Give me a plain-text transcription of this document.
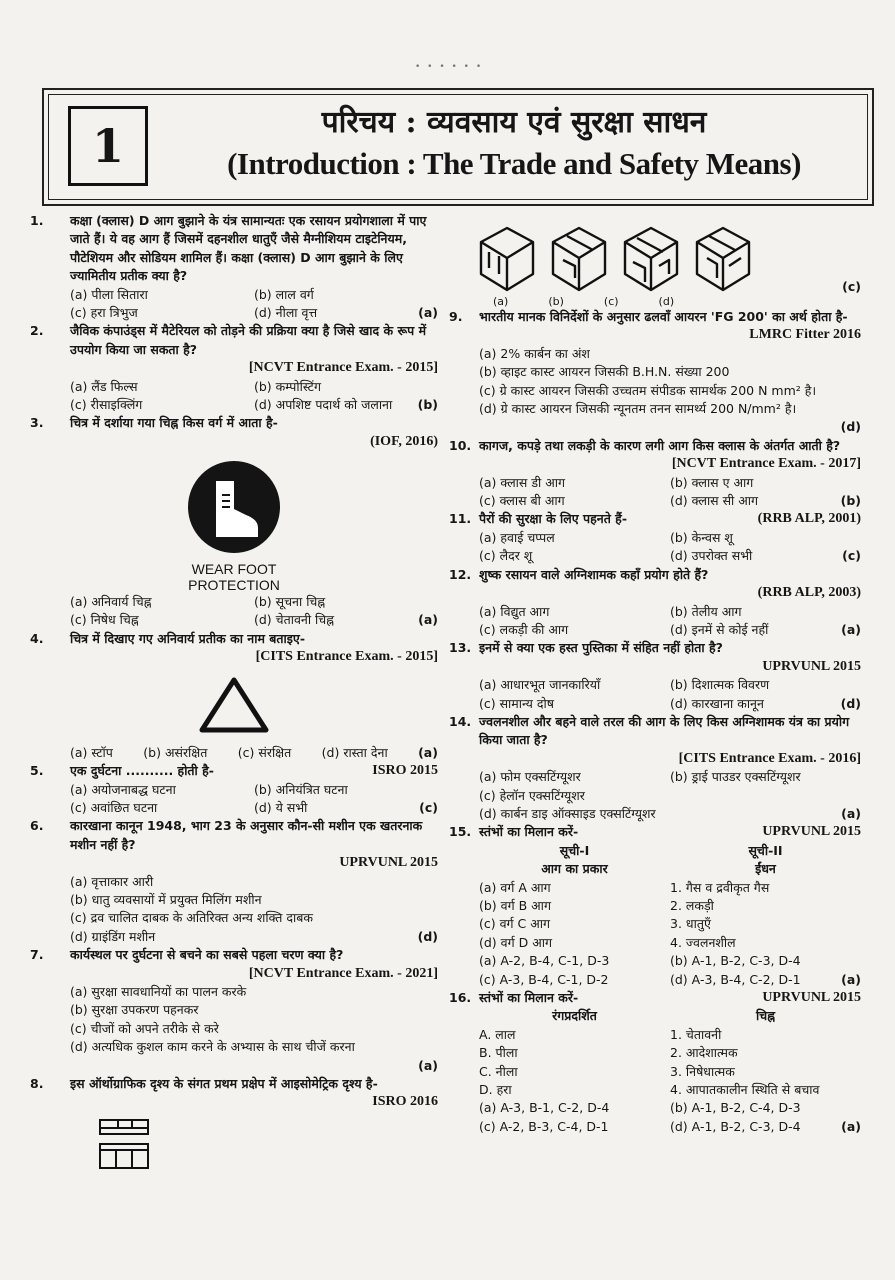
• • • • • •
1	परिचय : व्यवसाय एवं सुरक्षा साधन
(Introduction : The Trade and Safety Means)
1.	कक्षा (क्लास) D आग बुझाने के यंत्र सामान्यतः एक रसायन प्रयोगशाला में पाए जाते हैं। ये वह आग हैं जिसमें दहनशील धातुएँ जैसे मैग्नीशियम टाइटेनियम, पौटेशियम और सोडियम शामिल हैं। कक्षा (क्लास) D आग बुझाने के लिए ज्यामितीय प्रतीक क्या है?
(a) पीला सितारा	(b) लाल वर्ग
(c) हरा त्रिभुज	(d) नीला वृत्त	(a)
2.	जैविक कंपाउंड्स में मैटेरियल को तोड़ने की प्रक्रिया क्या है जिसे खाद के रूप में उपयोग किया जा सकता है?
[NCVT Entrance Exam. - 2015]
(a) लैंड फिल्स	(b) कम्पोस्टिंग
(c) रीसाइक्लिंग	(d) अपशिष्ट पदार्थ को जलाना (b)
3.	चित्र में दर्शाया गया चिह्न किस वर्ग में आता है-
(IOF, 2016)
WEAR FOOT
PROTECTION
(a) अनिवार्य चिह्न	(b) सूचना चिह्न
(c) निषेध चिह्न	(d) चेतावनी चिह्न	(a)
4.	चित्र में दिखाए गए अनिवार्य प्रतीक का नाम बताइए-
[CITS Entrance Exam. - 2015]
(a) स्टॉप (b) असंरक्षित (c) संरक्षित (d) रास्ता देना (a)
5.	एक दुर्घटना .......... होती है-	ISRO 2015
(a) अयोजनाबद्ध घटना	(b) अनियंत्रित घटना
(c) अवांछित घटना	(d) ये सभी	(c)
6.	कारखाना कानून 1948, भाग 23 के अनुसार कौन-सी मशीन एक खतरनाक मशीन नहीं है?
UPRVUNL 2015
(a) वृत्ताकार आरी
(b) धातु व्यवसायों में प्रयुक्त मिलिंग मशीन
(c) द्रव चालित दाबक के अतिरिक्त अन्य शक्ति दाबक
(d) ग्राइंडिंग मशीन	(d)
7.	कार्यस्थल पर दुर्घटना से बचने का सबसे पहला चरण क्या है?
[NCVT Entrance Exam. - 2021]
(a) सुरक्षा सावधानियों का पालन करके
(b) सुरक्षा उपकरण पहनकर
(c) चीजों को अपने तरीके से करे
(d) अत्यधिक कुशल काम करने के अभ्यास के साथ चीजें करना
(a)
8.	इस ऑर्थोग्राफिक दृश्य के संगत प्रथम प्रक्षेप में आइसोमेट्रिक दृश्य है-
ISRO 2016
(c)
(a)	(b)	(c)	(d)
9.	भारतीय मानक विनिर्देशों के अनुसार ढलवाँ आयरन 'FG 200' का अर्थ होता है-
LMRC Fitter 2016
(a) 2% कार्बन का अंश
(b) व्हाइट कास्ट आयरन जिसकी B.H.N. संख्या 200
(c) ग्रे कास्ट आयरन जिसकी उच्चतम संपीडक सामर्थक 200 N mm² है।
(d) ग्रे कास्ट आयरन जिसकी न्यूनतम तनन सामर्थ्य 200 N/mm² है।
(d)
10. कागज, कपड़े तथा लकड़ी के कारण लगी आग किस क्लास के अंतर्गत आती है?
[NCVT Entrance Exam. - 2017]
(a) क्लास डी आग	(b) क्लास ए आग
(c) क्लास बी आग	(d) क्लास सी आग	(b)
11. पैरों की सुरक्षा के लिए पहनते हैं-	(RRB ALP, 2001)
(a) हवाई चप्पल	(b) केन्वस शू
(c) लैदर शू	(d) उपरोक्त सभी	(c)
12. शुष्क रसायन वाले अग्निशामक कहाँ प्रयोग होते हैं?
(RRB ALP, 2003)
(a) विद्युत आग	(b) तेलीय आग
(c) लकड़ी की आग	(d) इनमें से कोई नहीं	(a)
13. इनमें से क्या एक हस्त पुस्तिका में संहित नहीं होता है?
UPRVUNL 2015
(a) आधारभूत जानकारियाँ	(b) दिशात्मक विवरण
(c) सामान्य दोष	(d) कारखाना कानून	(d)
14. ज्वलनशील और बहने वाले तरल की आग के लिए किस अग्निशामक यंत्र का प्रयोग किया जाता है?
[CITS Entrance Exam. - 2016]
(a) फोम एक्सटिंग्यूशर	(b) ड्राई पाउडर एक्सटिंग्यूशर
(c) हेलॉन एक्सटिंग्यूशर
(d) कार्बन डाइ ऑक्साइड एक्सटिंग्यूशर	(a)
15. स्तंभों का मिलान करें-	UPRVUNL 2015
सूची-I	सूची-II
आग का प्रकार	ईंधन
(a) वर्ग A आग	1. गैस व द्रवीकृत गैस
(b) वर्ग B आग	2. लकड़ी
(c) वर्ग C आग	3. धातुएँ
(d) वर्ग D आग	4. ज्वलनशील
(a) A-2, B-4, C-1, D-3	(b) A-1, B-2, C-3, D-4
(c) A-3, B-4, C-1, D-2	(d) A-3, B-4, C-2, D-1	(a)
16. स्तंभों का मिलान करें-	UPRVUNL 2015
रंगप्रदर्शित	चिह्न
A. लाल	1. चेतावनी
B. पीला	2. आदेशात्मक
C. नीला	3. निषेधात्मक
D. हरा	4. आपातकालीन स्थिति से बचाव
(a) A-3, B-1, C-2, D-4	(b) A-1, B-2, C-4, D-3
(c) A-2, B-3, C-4, D-1	(d) A-1, B-2, C-3, D-4	(a)
